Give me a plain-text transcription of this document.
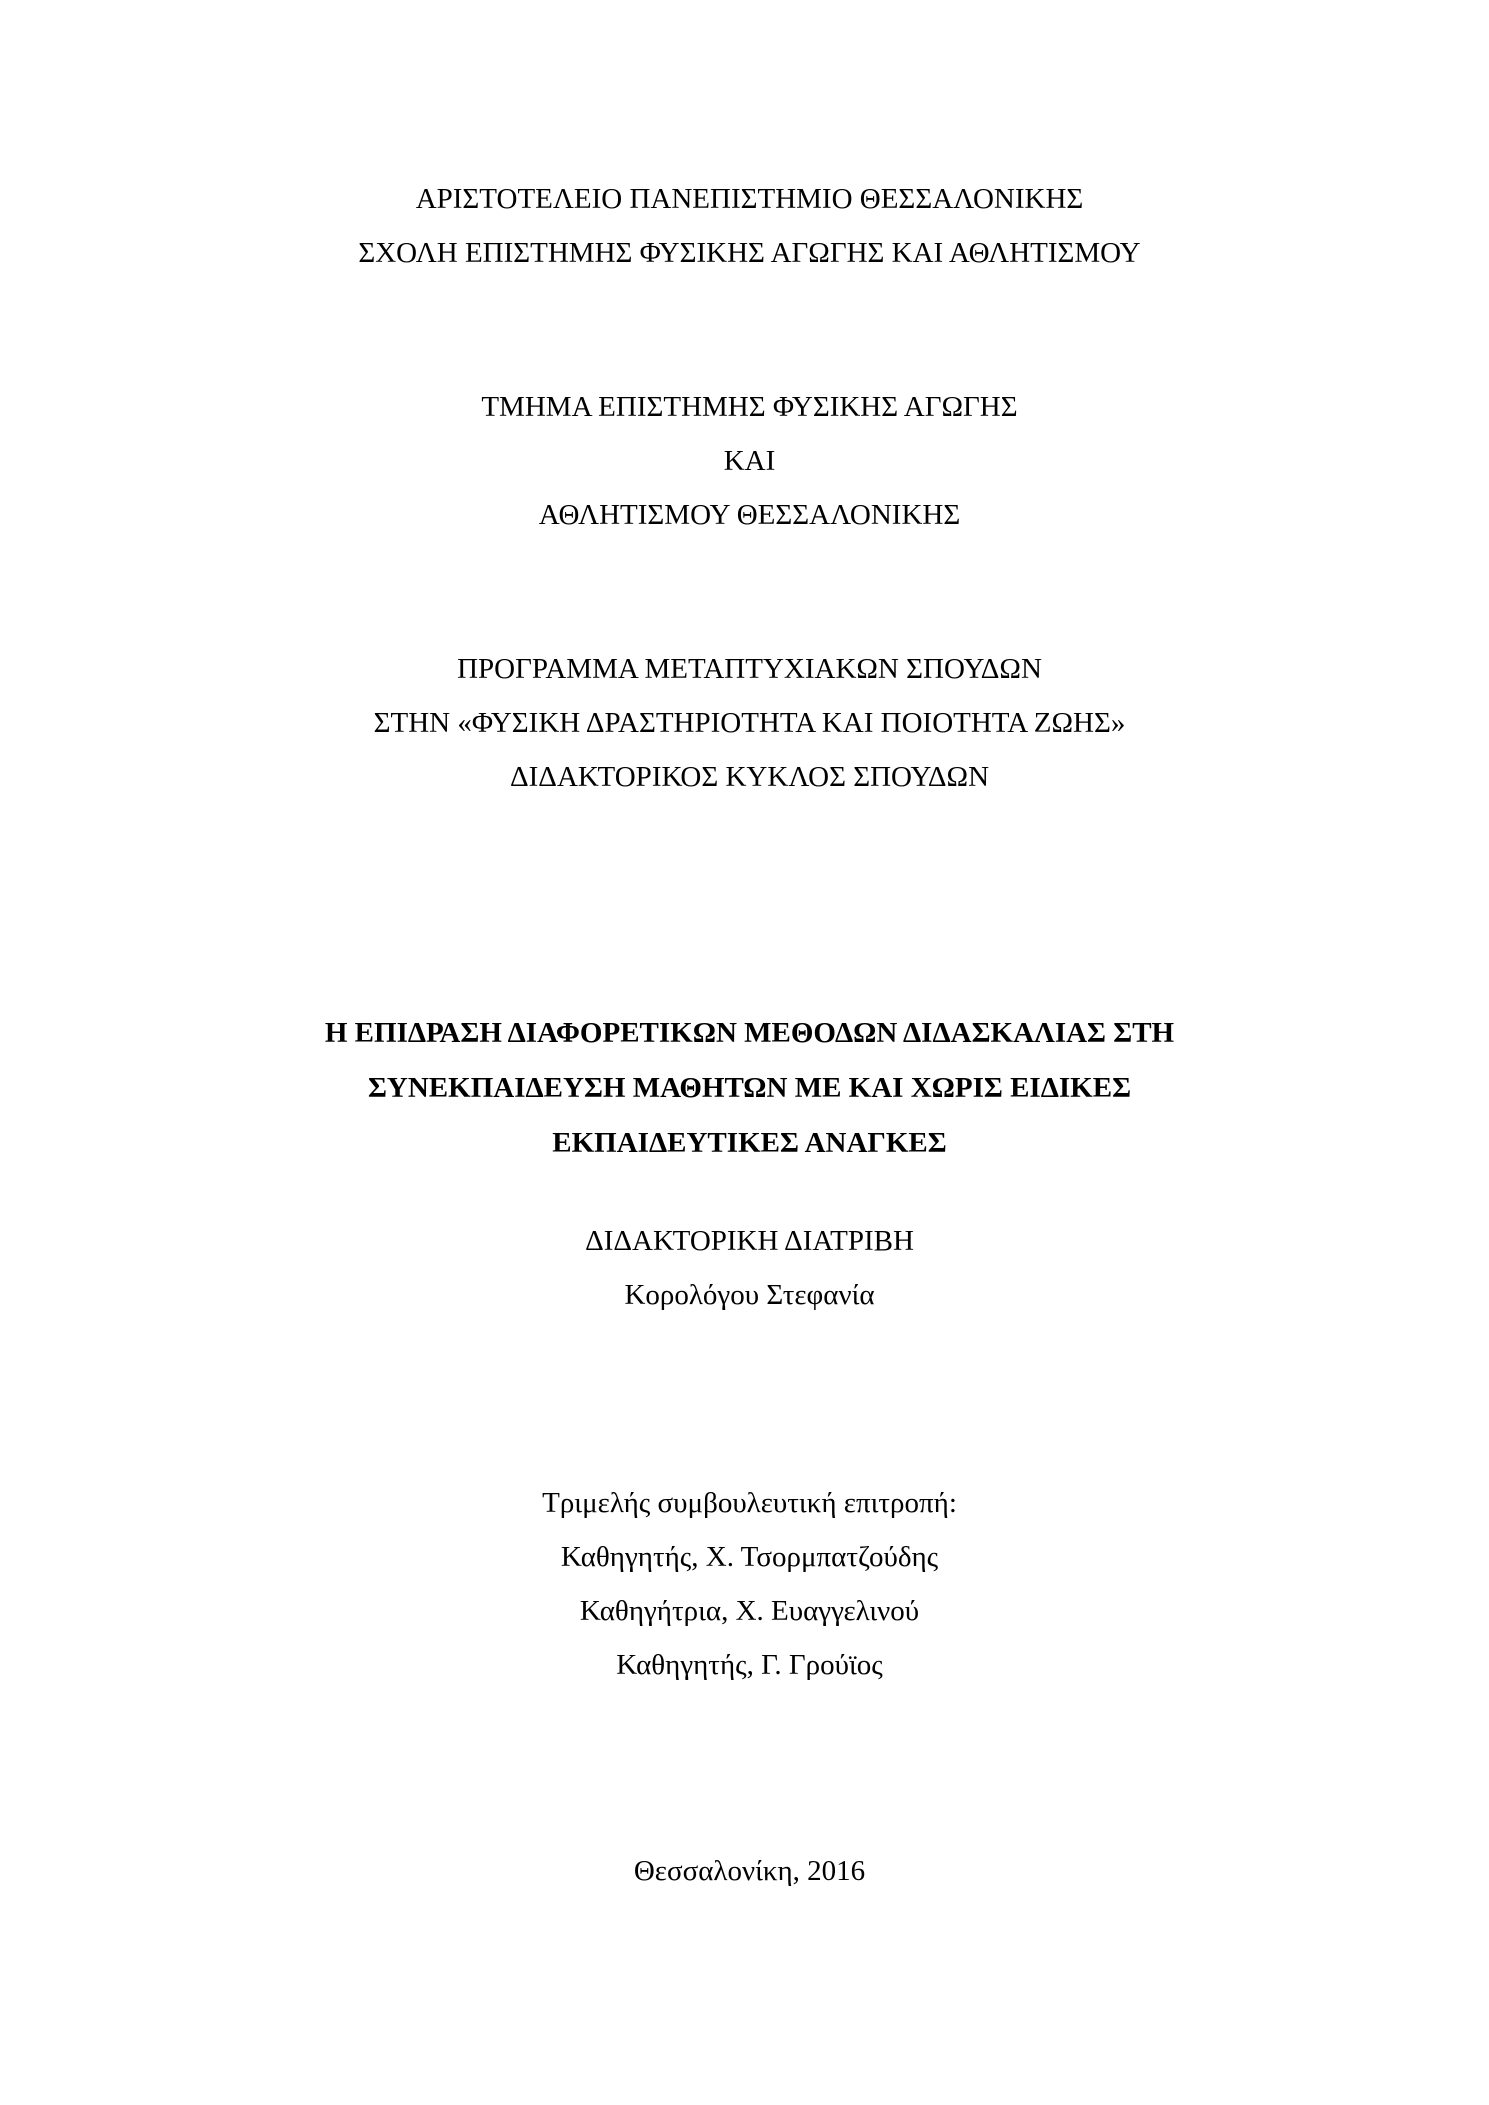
ΑΡΙΣΤΟΤΕΛΕΙΟ ΠΑΝΕΠΙΣΤΗΜΙΟ ΘΕΣΣΑΛΟΝΙΚΗΣ
ΣΧΟΛΗ ΕΠΙΣΤΗΜΗΣ ΦΥΣΙΚΗΣ ΑΓΩΓΗΣ ΚΑΙ ΑΘΛΗΤΙΣΜΟΥ
ΤΜΗΜΑ ΕΠΙΣΤΗΜΗΣ ΦΥΣΙΚΗΣ ΑΓΩΓΗΣ
ΚΑΙ
ΑΘΛΗΤΙΣΜΟΥ ΘΕΣΣΑΛΟΝΙΚΗΣ
ΠΡΟΓΡΑΜΜΑ ΜΕΤΑΠΤΥΧΙΑΚΩΝ ΣΠΟΥΔΩΝ
ΣΤΗΝ «ΦΥΣΙΚΗ ΔΡΑΣΤΗΡΙΟΤΗΤΑ ΚΑΙ ΠΟΙΟΤΗΤΑ ΖΩΗΣ»
ΔΙΔΑΚΤΟΡΙΚΟΣ ΚΥΚΛΟΣ ΣΠΟΥΔΩΝ
Η ΕΠΙΔΡΑΣΗ ΔΙΑΦΟΡΕΤΙΚΩΝ ΜΕΘΟΔΩΝ ΔΙΔΑΣΚΑΛΙΑΣ ΣΤΗ
ΣΥΝΕΚΠΑΙΔΕΥΣΗ ΜΑΘΗΤΩΝ ΜΕ ΚΑΙ ΧΩΡΙΣ ΕΙΔΙΚΕΣ
ΕΚΠΑΙΔΕΥΤΙΚΕΣ ΑΝΑΓΚΕΣ
ΔΙΔΑΚΤΟΡΙΚΗ ΔΙΑΤΡΙΒΗ
Κορολόγου Στεφανία
Τριμελής συμβουλευτική επιτροπή:
Καθηγητής, Χ. Τσορμπατζούδης
Καθηγήτρια, Χ. Ευαγγελινού
Καθηγητής, Γ. Γρούϊος
Θεσσαλονίκη, 2016
